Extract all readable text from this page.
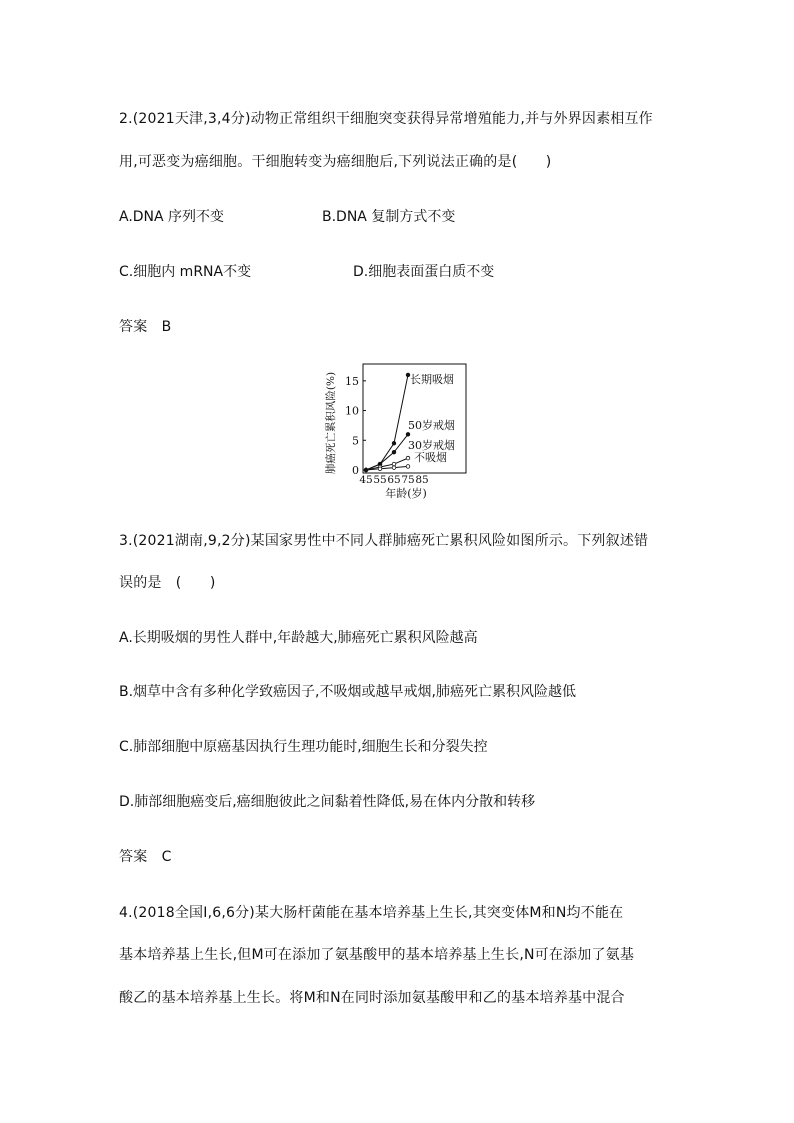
2.(2021天津,3,4分)动物正常组织干细胞突变获得异常增殖能力,并与外界因素相互作
用,可恶变为癌细胞。干细胞转变为癌细胞后,下列说法正确的是(　　)
A.DNA 序列不变	B.DNA 复制方式不变
C.细胞内 mRNA不变	D.细胞表面蛋白质不变
答案　B
0
5
10
15
45 55 65 75 85
长期吸烟
50岁戒烟
30岁戒烟
不吸烟
肺癌死亡累积风险(%)
年龄(岁)
3.(2021湖南,9,2分)某国家男性中不同人群肺癌死亡累积风险如图所示。下列叙述错
误的是　(　　)
A.长期吸烟的男性人群中,年龄越大,肺癌死亡累积风险越高
B.烟草中含有多种化学致癌因子,不吸烟或越早戒烟,肺癌死亡累积风险越低
C.肺部细胞中原癌基因执行生理功能时,细胞生长和分裂失控
D.肺部细胞癌变后,癌细胞彼此之间黏着性降低,易在体内分散和转移
答案　C
4.(2018全国Ⅰ,6,6分)某大肠杆菌能在基本培养基上生长,其突变体M和N均不能在
基本培养基上生长,但M可在添加了氨基酸甲的基本培养基上生长,N可在添加了氨基
酸乙的基本培养基上生长。将M和N在同时添加氨基酸甲和乙的基本培养基中混合
